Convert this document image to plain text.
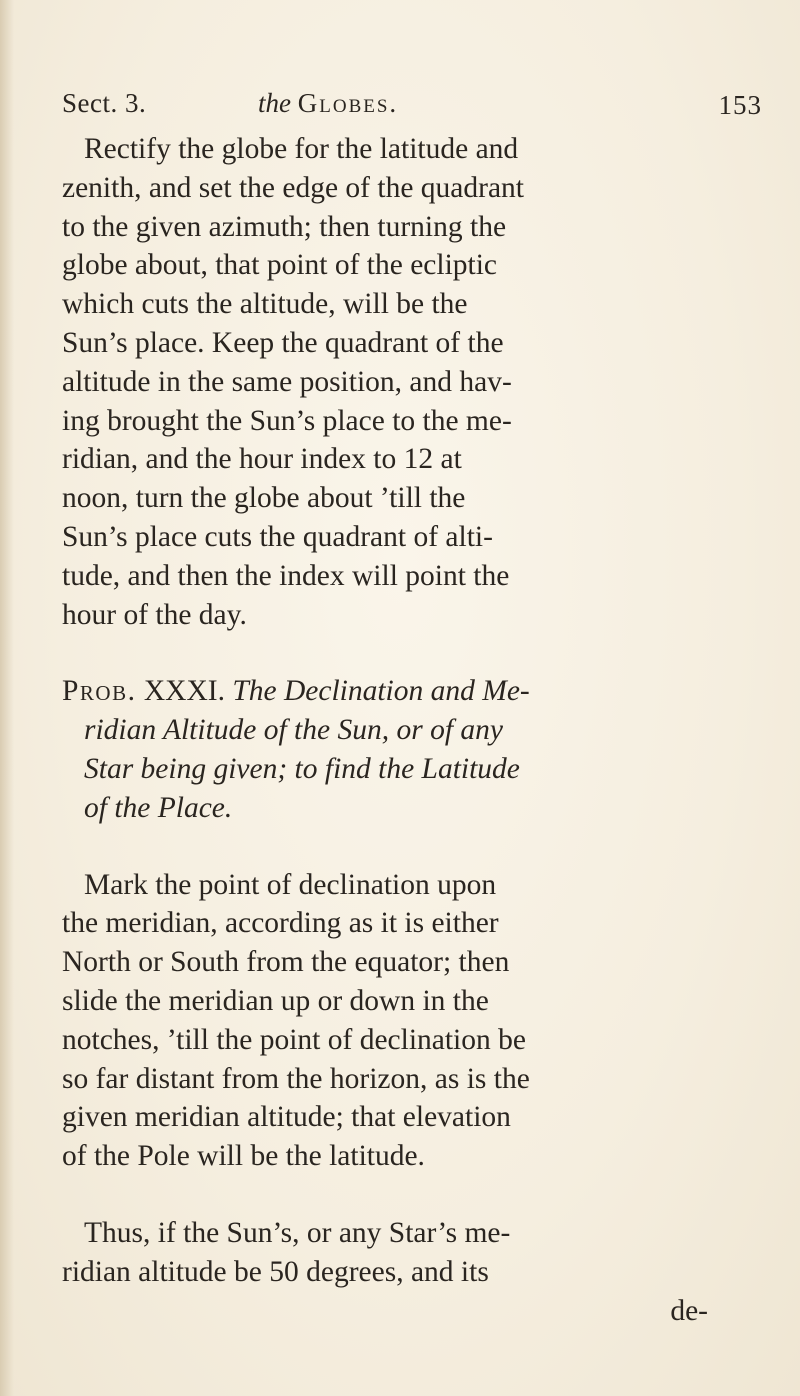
Sect. 3.	the Globes.	153
Rectify the globe for the latitude and
zenith, and set the edge of the quadrant
to the given azimuth; then turning the
globe about, that point of the ecliptic
which cuts the altitude, will be the
Sun’s place. Keep the quadrant of the
altitude in the same position, and hav-
ing brought the Sun’s place to the me-
ridian, and the hour index to 12 at
noon, turn the globe about ’till the
Sun’s place cuts the quadrant of alti-
tude, and then the index will point the
hour of the day.
Prob. XXXI. The Declination and Me-
ridian Altitude of the Sun, or of any
Star being given; to find the Latitude
of the Place.
Mark the point of declination upon
the meridian, according as it is either
North or South from the equator; then
slide the meridian up or down in the
notches, ’till the point of declination be
so far distant from the horizon, as is the
given meridian altitude; that elevation
of the Pole will be the latitude.
Thus, if the Sun’s, or any Star’s me-
ridian altitude be 50 degrees, and its
de-
